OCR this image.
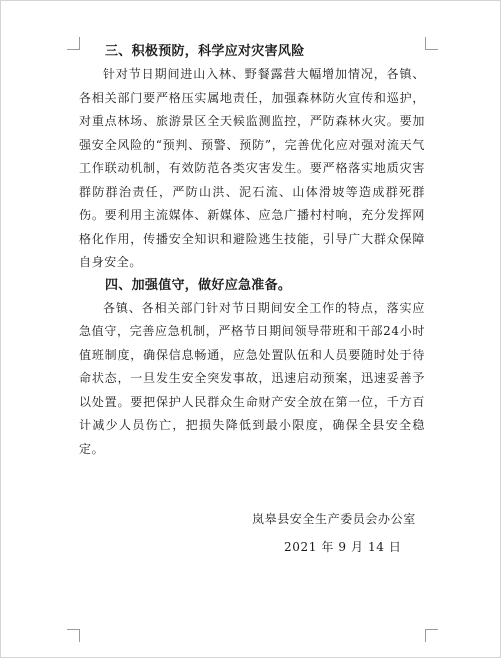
三、积极预防，科学应对灾害风险

针对节日期间进山入林、野餐露营大幅增加情况，各镇、各相关部门要严格压实属地责任，加强森林防火宣传和巡护，对重点林场、旅游景区全天候监测监控，严防森林火灾。要加强安全风险的“预判、预警、预防”，完善优化应对强对流天气工作联动机制，有效防范各类灾害发生。要严格落实地质灾害群防群治责任，严防山洪、泥石流、山体滑坡等造成群死群伤。要利用主流媒体、新媒体、应急广播村村响，充分发挥网格化作用，传播安全知识和避险逃生技能，引导广大群众保障自身安全。

四、加强值守，做好应急准备。

各镇、各相关部门针对节日期间安全工作的特点，落实应急值守，完善应急机制，严格节日期间领导带班和干部24小时值班制度，确保信息畅通，应急处置队伍和人员要随时处于待命状态，一旦发生安全突发事故，迅速启动预案，迅速妥善予以处置。要把保护人民群众生命财产安全放在第一位，千方百计减少人员伤亡，把损失降低到最小限度，确保全县安全稳定。

岚皋县安全生产委员会办公室
2021 年 9 月 14 日
